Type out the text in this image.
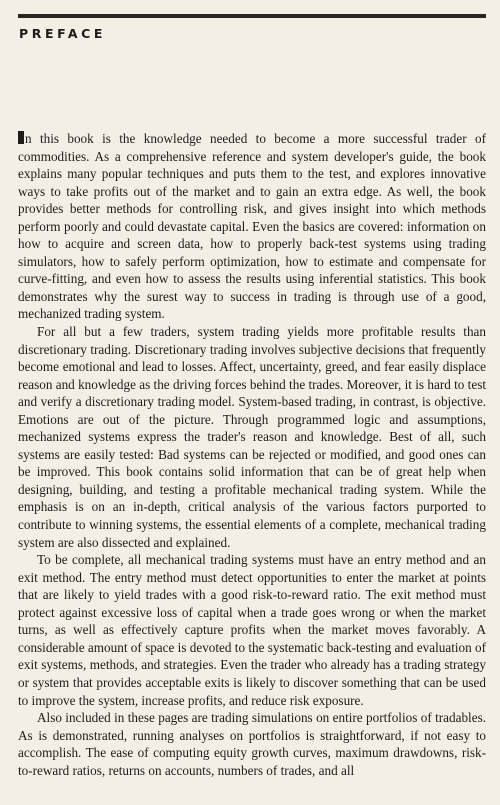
PREFACE

n this book is the knowledge needed to become a more successful trader of commodities. As a comprehensive reference and system developer's guide, the book explains many popular techniques and puts them to the test, and explores innovative ways to take profits out of the market and to gain an extra edge. As well, the book provides better methods for controlling risk, and gives insight into which methods perform poorly and could devastate capital. Even the basics are covered: information on how to acquire and screen data, how to properly back-test systems using trading simulators, how to safely perform optimization, how to estimate and compensate for curve-fitting, and even how to assess the results using inferential statistics. This book demonstrates why the surest way to success in trading is through use of a good, mechanized trading system.

For all but a few traders, system trading yields more profitable results than discretionary trading. Discretionary trading involves subjective decisions that frequently become emotional and lead to losses. Affect, uncertainty, greed, and fear easily displace reason and knowledge as the driving forces behind the trades. Moreover, it is hard to test and verify a discretionary trading model. System-based trading, in contrast, is objective. Emotions are out of the picture. Through programmed logic and assumptions, mechanized systems express the trader's reason and knowledge. Best of all, such systems are easily tested: Bad systems can be rejected or modified, and good ones can be improved. This book contains solid information that can be of great help when designing, building, and testing a profitable mechanical trading system. While the emphasis is on an in-depth, critical analysis of the various factors purported to contribute to winning systems, the essential elements of a complete, mechanical trading system are also dissected and explained.

To be complete, all mechanical trading systems must have an entry method and an exit method. The entry method must detect opportunities to enter the market at points that are likely to yield trades with a good risk-to-reward ratio. The exit method must protect against excessive loss of capital when a trade goes wrong or when the market turns, as well as effectively capture profits when the market moves favorably. A considerable amount of space is devoted to the systematic back-testing and evaluation of exit systems, methods, and strategies. Even the trader who already has a trading strategy or system that provides acceptable exits is likely to discover something that can be used to improve the system, increase profits, and reduce risk exposure.

Also included in these pages are trading simulations on entire portfolios of tradables. As is demonstrated, running analyses on portfolios is straightforward, if not easy to accomplish. The ease of computing equity growth curves, maximum drawdowns, risk-to-reward ratios, returns on accounts, numbers of trades, and all
